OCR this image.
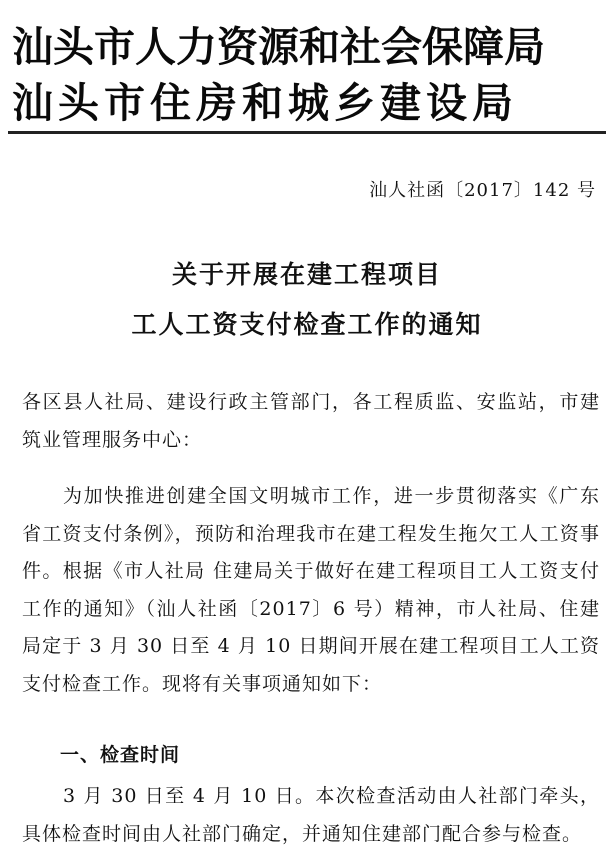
汕头市人力资源和社会保障局
汕头市住房和城乡建设局
汕人社函〔2017〕142 号
关于开展在建工程项目
工人工资支付检查工作的通知
各区县人社局、建设行政主管部门，各工程质监、安监站，市建筑业管理服务中心：
为加快推进创建全国文明城市工作，进一步贯彻落实《广东省工资支付条例》，预防和治理我市在建工程发生拖欠工人工资事件。根据《市人社局 住建局关于做好在建工程项目工人工资支付工作的通知》（汕人社函〔2017〕6 号）精神，市人社局、住建局定于 3 月 30 日至 4 月 10 日期间开展在建工程项目工人工资支付检查工作。现将有关事项通知如下：
一、检查时间
3 月 30 日至 4 月 10 日。本次检查活动由人社部门牵头，具体检查时间由人社部门确定，并通知住建部门配合参与检查。
